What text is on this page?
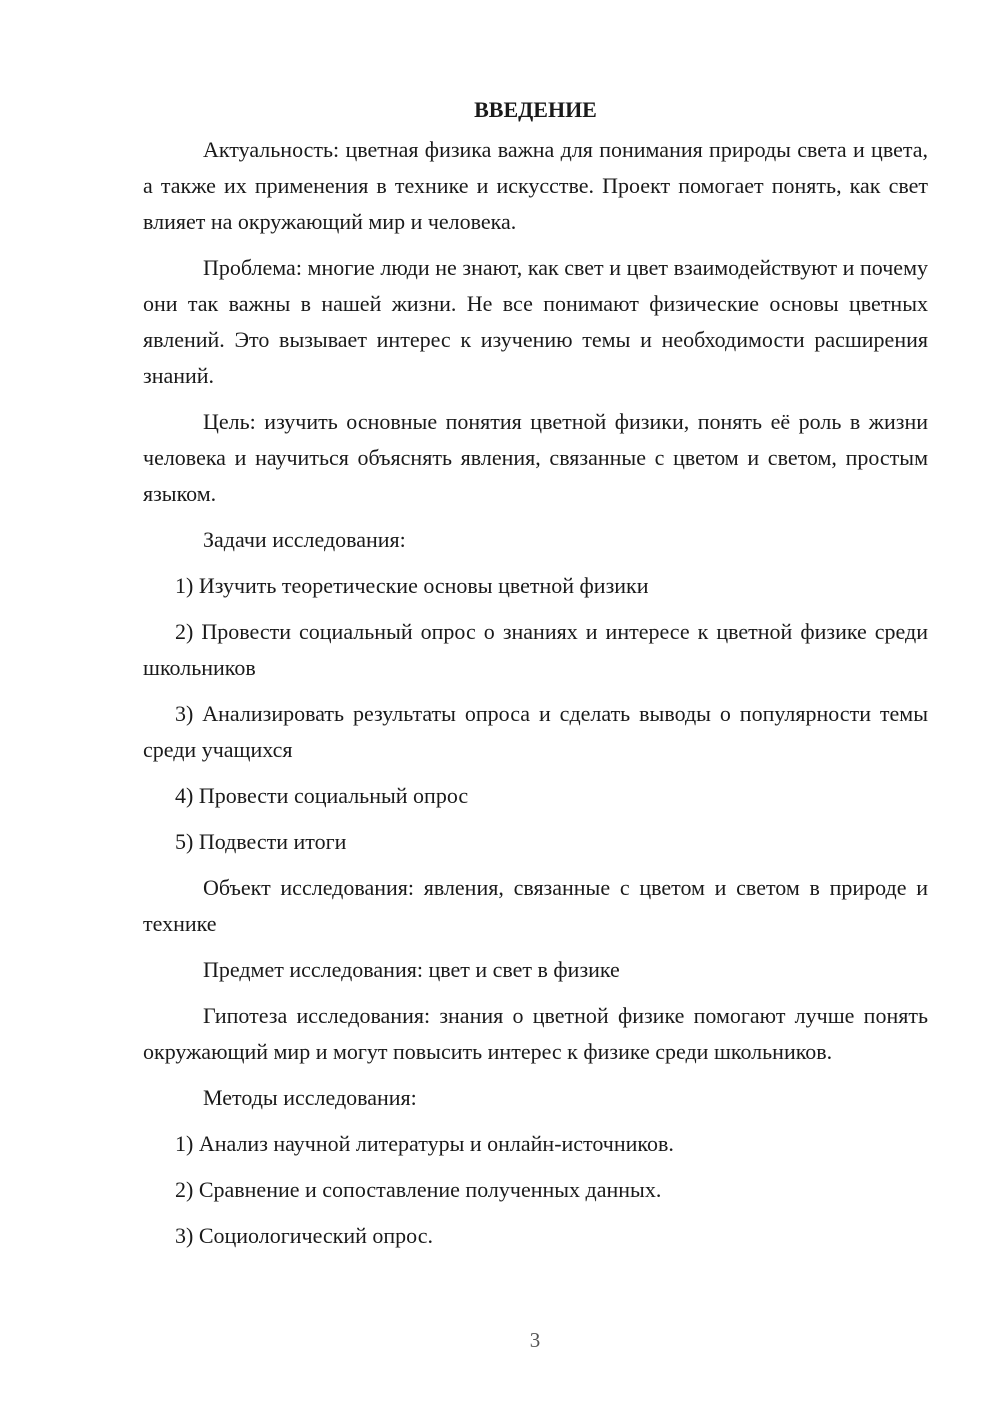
ВВЕДЕНИЕ

Актуальность: цветная физика важна для понимания природы света и цвета, а также их применения в технике и искусстве. Проект помогает понять, как свет влияет на окружающий мир и человека.

Проблема: многие люди не знают, как свет и цвет взаимодействуют и почему они так важны в нашей жизни. Не все понимают физические основы цветных явлений. Это вызывает интерес к изучению темы и необходимости расширения знаний.

Цель: изучить основные понятия цветной физики, понять её роль в жизни человека и научиться объяснять явления, связанные с цветом и светом, простым языком.

Задачи исследования:

1) Изучить теоретические основы цветной физики

2) Провести социальный опрос о знаниях и интересе к цветной физике среди школьников

3) Анализировать результаты опроса и сделать выводы о популярности темы среди учащихся

4) Провести социальный опрос

5) Подвести итоги

Объект исследования: явления, связанные с цветом и светом в природе и технике

Предмет исследования: цвет и свет в физике

Гипотеза исследования: знания о цветной физике помогают лучше понять окружающий мир и могут повысить интерес к физике среди школьников.

Методы исследования:

1) Анализ научной литературы и онлайн-источников.

2) Сравнение и сопоставление полученных данных.

3) Социологический опрос.

3
